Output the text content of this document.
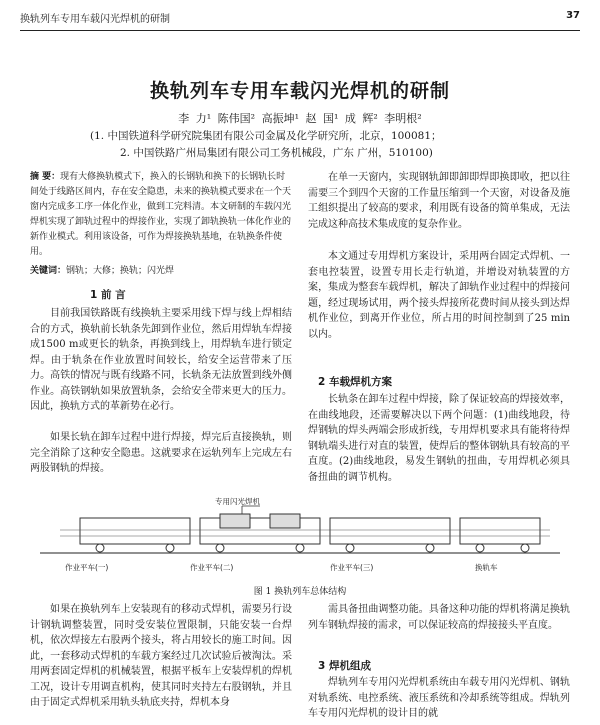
换轨列车专用车载闪光焊机的研制	37
换轨列车专用车载闪光焊机的研制
李 力¹ 陈伟国² 高振坤¹ 赵 国¹ 成 辉² 李明根²
(1. 中国铁道科学研究院集团有限公司金属及化学研究所，北京，100081；
2. 中国铁路广州局集团有限公司工务机械段，广东 广州，510100)
摘 要：现有大修换轨模式下，换入的长钢轨和换下的长钢轨长时间处于线路区间内，存在安全隐患，未来的换轨模式要求在一个天窗内完成多工序一体化作业，做到工完料清。本文研制的车载闪光焊机实现了卸轨过程中的焊接作业，实现了卸轨换轨一体化作业的新作业模式。利用该设备，可作为焊接换轨基地，在轨换条件使用。
关键词：钢轨；大修；换轨；闪光焊
1 前 言

目前我国铁路既有线换轨主要采用线下焊与线上焊相结合的方式，换轨前长轨条先卸到作业位，然后用焊轨车焊接成1500 m或更长的轨条，再换到线上，用焊轨车进行锁定焊。由于轨条在作业放置时间较长，给安全运营带来了压力。高铁的情况与既有线路不同，长轨条无法放置到线外侧作业。高铁钢轨如果放置轨条，会给安全带来更大的压力。因此，换轨方式的革新势在必行。

如果长轨在卸车过程中进行焊接，焊完后直接换轨，则完全消除了这种安全隐患。这就要求在运轨列车上完成左右两股钢轨的焊接。

在单一天窗内，实现钢轨卸即卸即焊即换即收，把以往需要三个到四个天窗的工作量压缩到一个天窗，对设备及施工组织提出了较高的要求，利用既有设备的简单集成，无法完成这种高技术集成度的复杂作业。

本文通过专用焊机方案设计，采用两台固定式焊机、一套电控装置，设置专用长走行轨道，并增设对轨装置的方案，集成为整套车载焊机，解决了卸轨作业过程中的焊接问题，经过现场试用，两个接头焊接所花费时间从接头到达焊机作业位，到离开作业位，所占用的时间控制到了25 min以内。

2 车载焊机方案

长轨条在卸车过程中焊接，除了保证较高的焊接效率，在曲线地段，还需要解决以下两个问题：(1)曲线地段，待焊钢轨的焊头两端会形成折线，专用焊机要求具有能将待焊钢轨端头进行对直的装置，使焊后的整体钢轨具有较高的平直度。(2)曲线地段，易发生钢轨的扭曲，专用焊机必须具备扭曲的调节机构。

专用闪光焊机
作业平车(一)	作业平车(二)	作业平车(三)	换轨车
图 1 换轨列车总体结构

如果在换轨列车上安装现有的移动式焊机，需要另行设计钢轨调整装置，同时受安装位置限制，只能安装一台焊机，依次焊接左右股两个接头，将占用较长的施工时间。因此，一套移动式焊机的车载方案经过几次试验后被淘汰。采用两套固定焊机的机械装置，根据平板车上安装焊机的焊机工况，设计专用调直机构，使其同时夹持左右股钢轨，并且由于固定式焊机采用轨头轨底夹持，焊机本身

需具备扭曲调整功能。具备这种功能的焊机将满足换轨列车钢轨焊接的需求，可以保证较高的焊接接头平直度。

3 焊机组成

焊轨列车专用闪光焊机系统由车载专用闪光焊机、钢轨对轨系统、电控系统、液压系统和冷却系统等组成。焊轨列车专用闪光焊机的设计目的就
